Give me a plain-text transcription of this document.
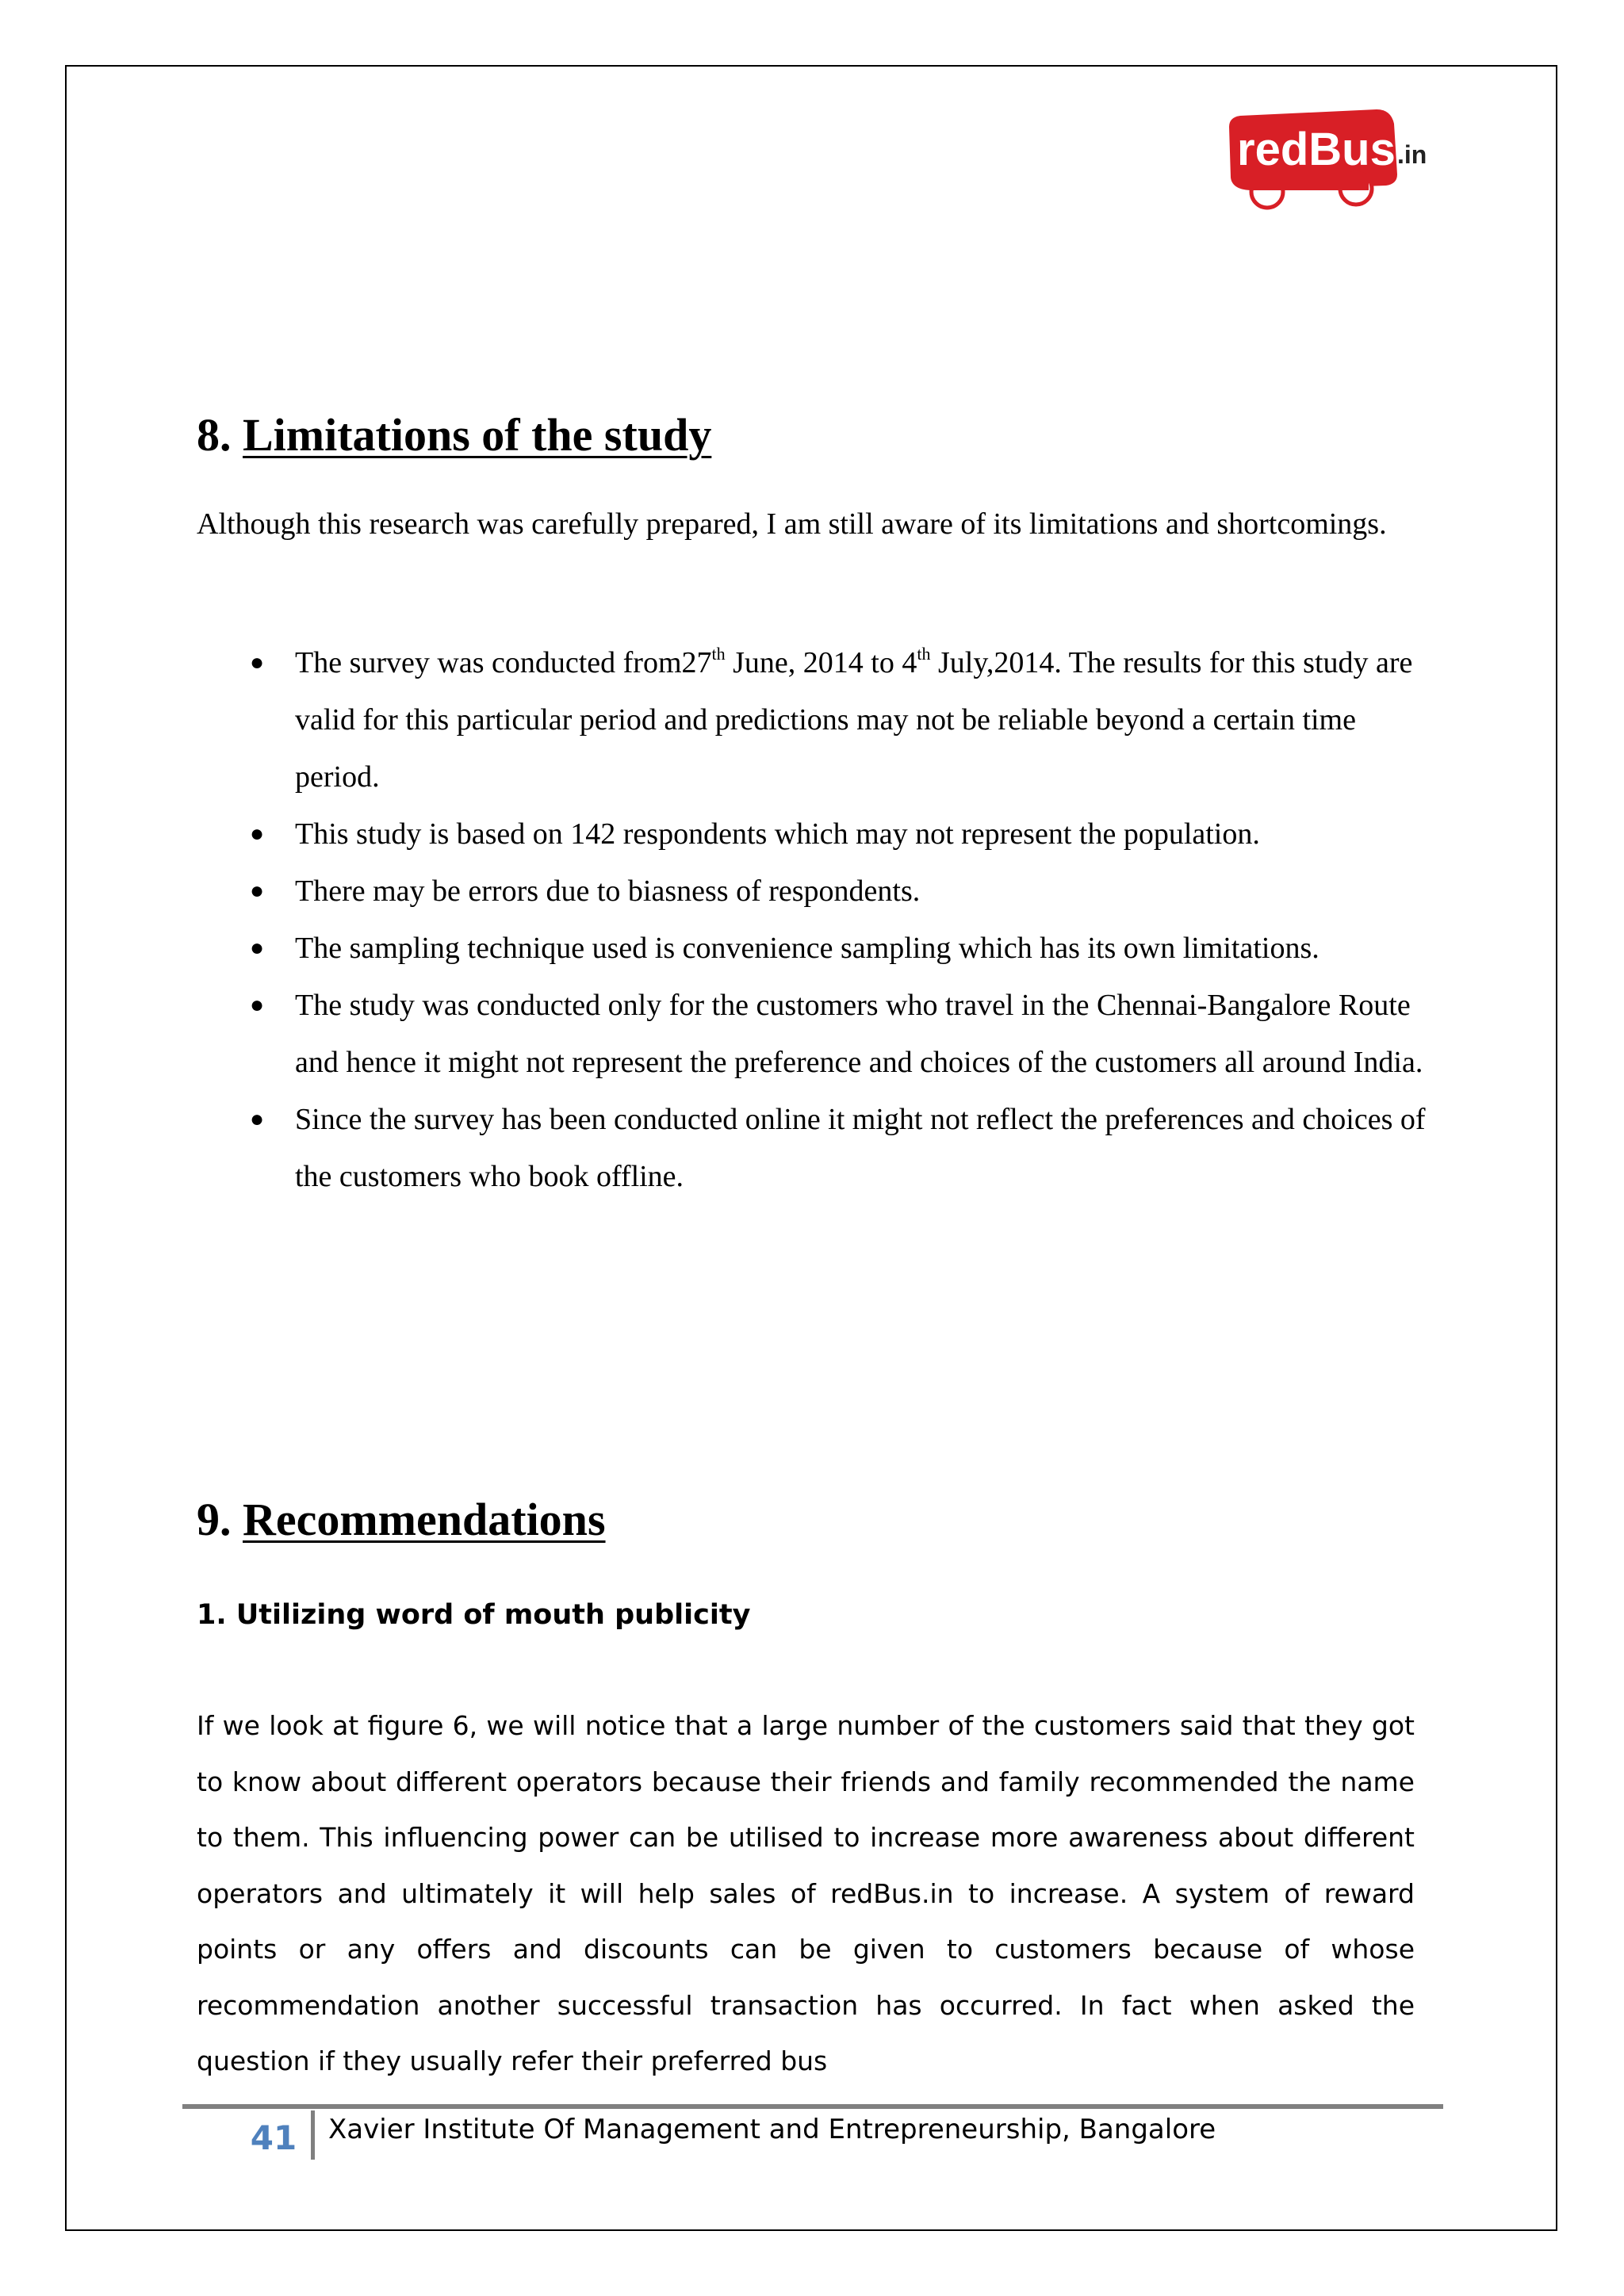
redBus .in
8. Limitations of the study

Although this research was carefully prepared, I am still aware of its limitations and shortcomings.

● The survey was conducted from27th June, 2014 to 4th July,2014. The results for this study are valid for this particular period and predictions may not be reliable beyond a certain time period.
● This study is based on 142 respondents which may not represent the population.
● There may be errors due to biasness of respondents.
● The sampling technique used is convenience sampling which has its own limitations.
● The study was conducted only for the customers who travel in the Chennai-Bangalore Route and hence it might not represent the preference and choices of the customers all around India.
● Since the survey has been conducted online it might not reflect the preferences and choices of the customers who book offline.
9. Recommendations
1. Utilizing word of mouth publicity

If we look at figure 6, we will notice that a large number of the customers said that they got to know about different operators because their friends and family recommended the name to them. This influencing power can be utilised to increase more awareness about different operators and ultimately it will help sales of redBus.in to increase. A system of reward points or any offers and discounts can be given to customers because of whose recommendation another successful transaction has occurred. In fact when asked the question if they usually refer their preferred bus

41	Xavier Institute Of Management and Entrepreneurship, Bangalore
